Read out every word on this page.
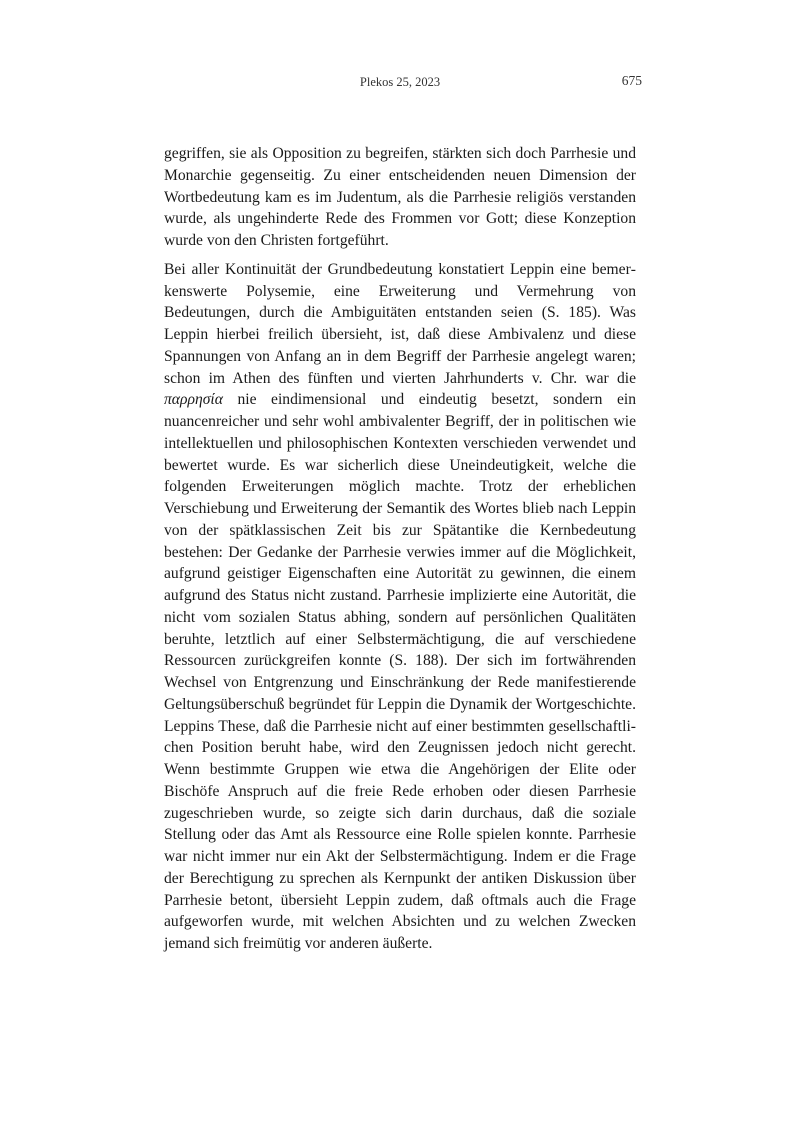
Plekos 25, 2023	675

gegriffen, sie als Opposition zu begreifen, stärkten sich doch Parrhesie und Monarchie gegenseitig. Zu einer entscheidenden neuen Dimension der Wortbedeutung kam es im Judentum, als die Parrhesie religiös verstanden wurde, als ungehinderte Rede des Frommen vor Gott; diese Konzeption wurde von den Christen fortgeführt.

Bei aller Kontinuität der Grundbedeutung konstatiert Leppin eine bemerkenswerte Polysemie, eine Erweiterung und Vermehrung von Bedeutungen, durch die Ambiguitäten entstanden seien (S. 185). Was Leppin hierbei freilich übersieht, ist, daß diese Ambivalenz und diese Spannungen von Anfang an in dem Begriff der Parrhesie angelegt waren; schon im Athen des fünften und vierten Jahrhunderts v. Chr. war die παρρησία nie eindimensional und eindeutig besetzt, sondern ein nuancenreicher und sehr wohl ambivalenter Begriff, der in politischen wie intellektuellen und philosophischen Kontexten verschieden verwendet und bewertet wurde. Es war sicherlich diese Uneindeutigkeit, welche die folgenden Erweiterungen möglich machte. Trotz der erheblichen Verschiebung und Erweiterung der Semantik des Wortes blieb nach Leppin von der spätklassischen Zeit bis zur Spätantike die Kernbedeutung bestehen: Der Gedanke der Parrhesie verwies immer auf die Möglichkeit, aufgrund geistiger Eigenschaften eine Autorität zu gewinnen, die einem aufgrund des Status nicht zustand. Parrhesie implizierte eine Autorität, die nicht vom sozialen Status abhing, sondern auf persönlichen Qualitäten beruhte, letztlich auf einer Selbstermächtigung, die auf verschiedene Ressourcen zurückgreifen konnte (S. 188). Der sich im fortwährenden Wechsel von Entgrenzung und Einschränkung der Rede manifestierende Geltungsüberschuß begründet für Leppin die Dynamik der Wortgeschichte. Leppins These, daß die Parrhesie nicht auf einer bestimmten gesellschaftlichen Position beruht habe, wird den Zeugnissen jedoch nicht gerecht. Wenn bestimmte Gruppen wie etwa die Angehörigen der Elite oder Bischöfe Anspruch auf die freie Rede erhoben oder diesen Parrhesie zugeschrieben wurde, so zeigte sich darin durchaus, daß die soziale Stellung oder das Amt als Ressource eine Rolle spielen konnte. Parrhesie war nicht immer nur ein Akt der Selbstermächtigung. Indem er die Frage der Berechtigung zu sprechen als Kernpunkt der antiken Diskussion über Parrhesie betont, übersieht Leppin zudem, daß oftmals auch die Frage aufgeworfen wurde, mit welchen Absichten und zu welchen Zwecken jemand sich freimütig vor anderen äußerte.
